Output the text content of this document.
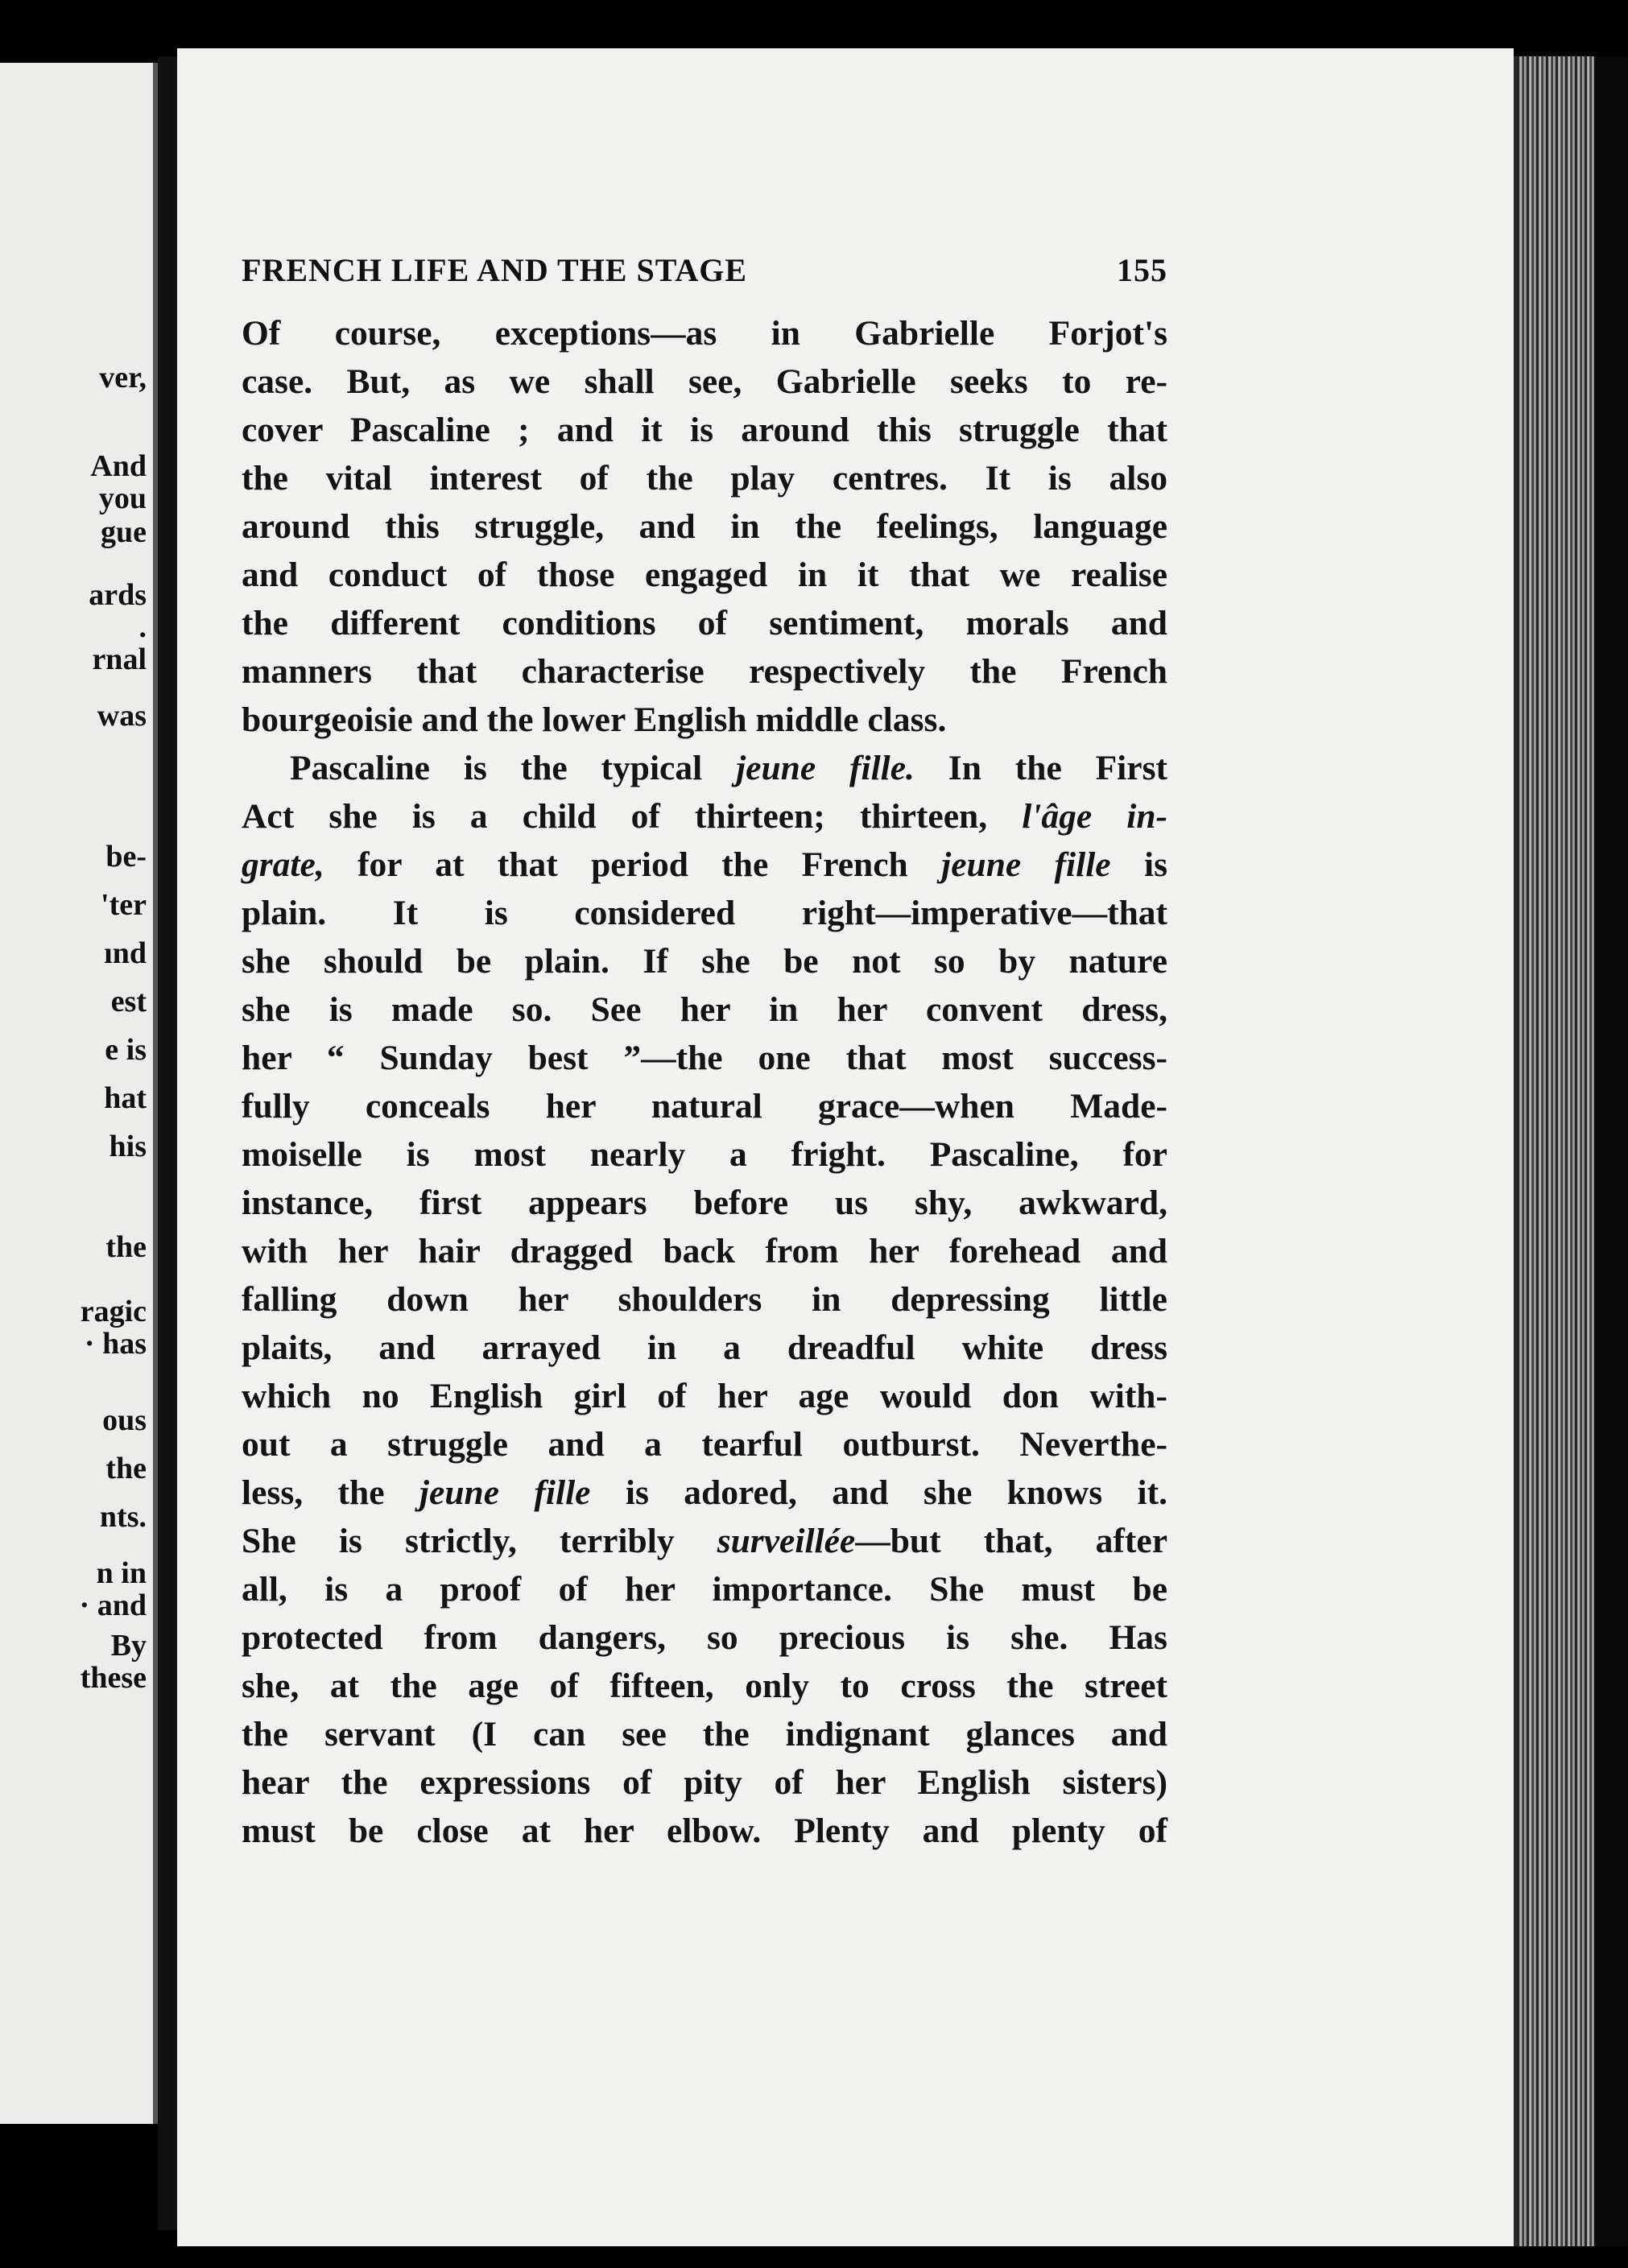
ver,
And
you
gue
ards
.
rnal
was
be-
'ter
ınd
est
e is
hat
his
the
ragic
· has
ous
the
nts.
n in
· and
By
these
FRENCH LIFE AND THE STAGE	155
Of course, exceptions—as in Gabrielle Forjot's
case. But, as we shall see, Gabrielle seeks to re-
cover Pascaline ; and it is around this struggle that
the vital interest of the play centres. It is also
around this struggle, and in the feelings, language
and conduct of those engaged in it that we realise
the different conditions of sentiment, morals and
manners that characterise respectively the French
bourgeoisie and the lower English middle class.
Pascaline is the typical jeune fille. In the First
Act she is a child of thirteen; thirteen, l'âge in-
grate, for at that period the French jeune fille is
plain. It is considered right—imperative—that
she should be plain. If she be not so by nature
she is made so. See her in her convent dress,
her “ Sunday best ”—the one that most success-
fully conceals her natural grace—when Made-
moiselle is most nearly a fright. Pascaline, for
instance, first appears before us shy, awkward,
with her hair dragged back from her forehead and
falling down her shoulders in depressing little
plaits, and arrayed in a dreadful white dress
which no English girl of her age would don with-
out a struggle and a tearful outburst. Neverthe-
less, the jeune fille is adored, and she knows it.
She is strictly, terribly surveillée—but that, after
all, is a proof of her importance. She must be
protected from dangers, so precious is she. Has
she, at the age of fifteen, only to cross the street
the servant (I can see the indignant glances and
hear the expressions of pity of her English sisters)
must be close at her elbow. Plenty and plenty of
